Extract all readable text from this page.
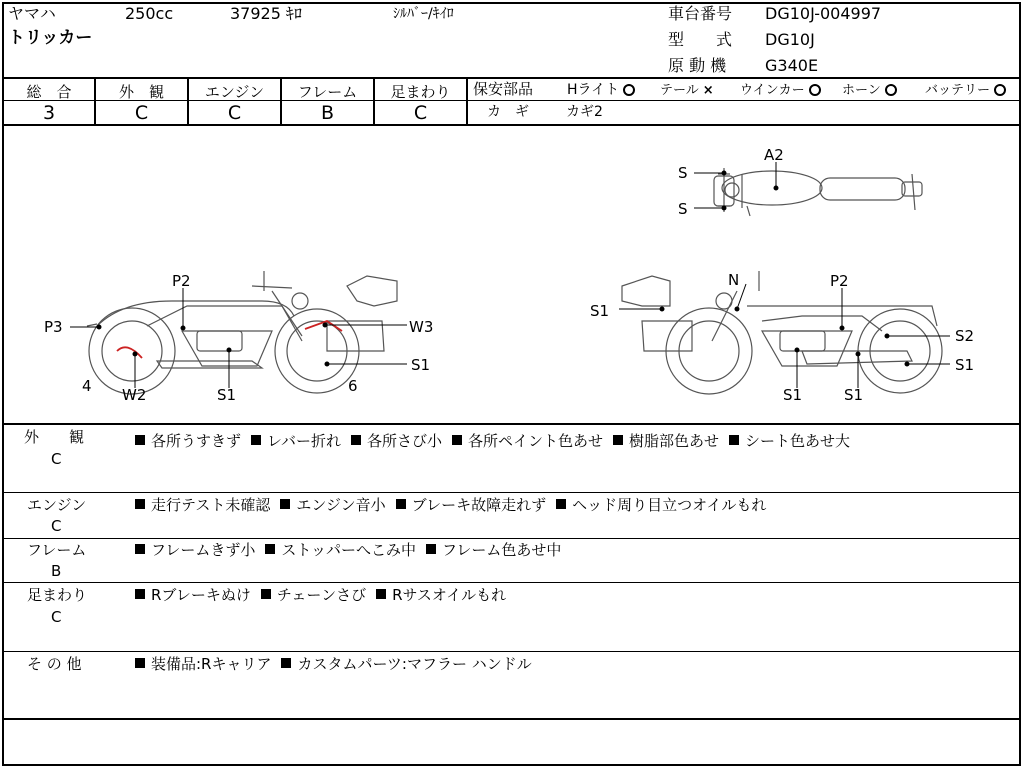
ヤマハ	250cc	37925 ｷﾛ	ｼﾙﾊﾞｰ/ｷｲﾛ
トリッカー
車台番号 DG10J-004997
型　　式 DG10J
原 動 機 G340E
総　合
3
外　観
C
エンジン
C
フレーム
B
足まわり
C
保安部品 Hライト	テール × ウインカー	ホーン	バッテリー
カ　ギ	カギ2
A2
S
S
P2
P3	W3
S1
4 W2	S1	6
N	P2
S1
S2
S1
S1	S1
外　　観
C
各所うすきず レバー折れ 各所さび小 各所ペイント色あせ 樹脂部色あせ シート色あせ大
エンジン
C
走行テスト未確認 エンジン音小 ブレーキ故障走れず ヘッド周り目立つオイルもれ
フレーム
B
フレームきず小 ストッパーへこみ中 フレーム色あせ中
足まわり
C
Rブレーキぬけ チェーンさび Rサスオイルもれ
そ の 他	装備品:Rキャリア カスタムパーツ:マフラー ハンドル
